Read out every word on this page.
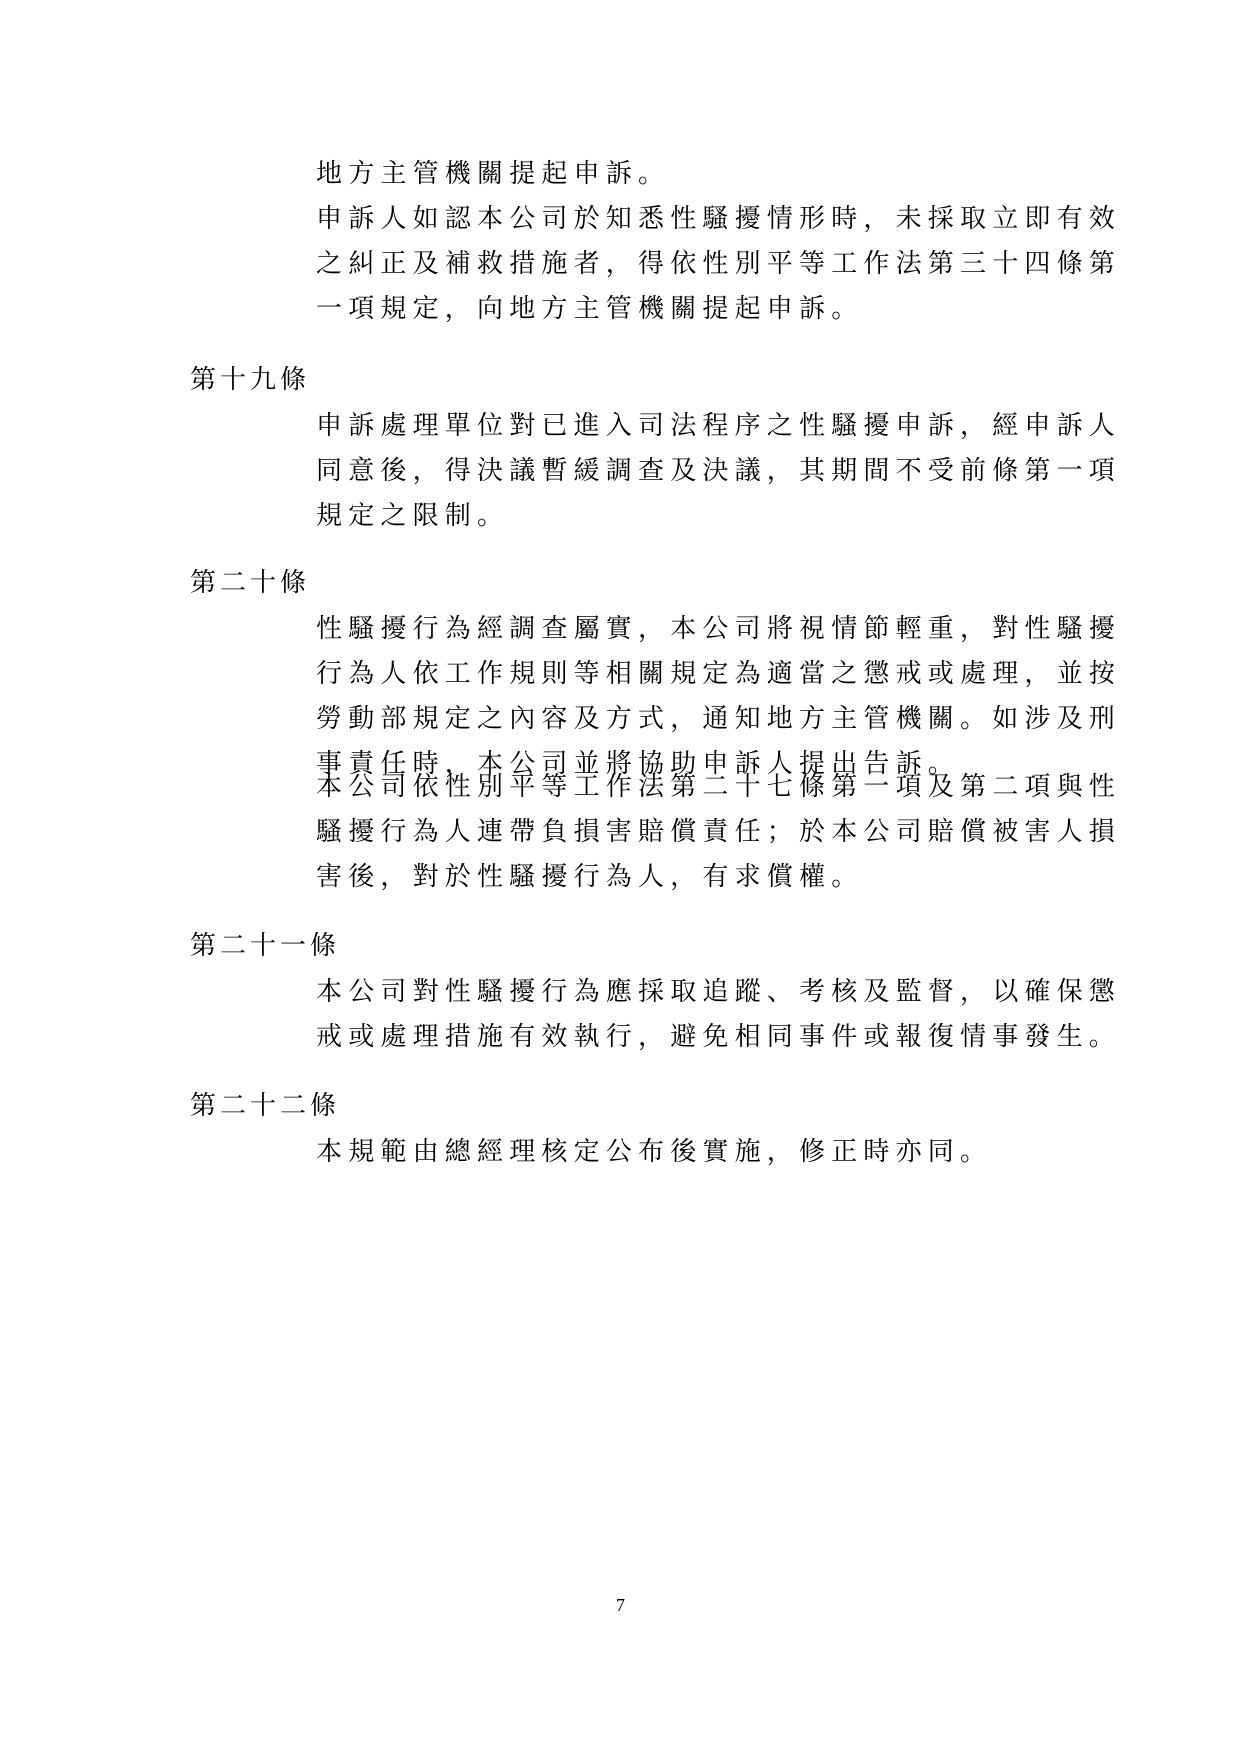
地方主管機關提起申訴。
申訴人如認本公司於知悉性騷擾情形時，未採取立即有效
之糾正及補救措施者，得依性別平等工作法第三十四條第
一項規定，向地方主管機關提起申訴。
第十九條
申訴處理單位對已進入司法程序之性騷擾申訴，經申訴人
同意後，得決議暫緩調查及決議，其期間不受前條第一項
規定之限制。
第二十條
性騷擾行為經調查屬實，本公司將視情節輕重，對性騷擾
行為人依工作規則等相關規定為適當之懲戒或處理，並按
勞動部規定之內容及方式，通知地方主管機關。如涉及刑
事責任時，本公司並將協助申訴人提出告訴。
本公司依性別平等工作法第二十七條第一項及第二項與性
騷擾行為人連帶負損害賠償責任；於本公司賠償被害人損
害後，對於性騷擾行為人，有求償權。
第二十一條
本公司對性騷擾行為應採取追蹤、考核及監督，以確保懲
戒或處理措施有效執行，避免相同事件或報復情事發生。
第二十二條
本規範由總經理核定公布後實施，修正時亦同。
7
